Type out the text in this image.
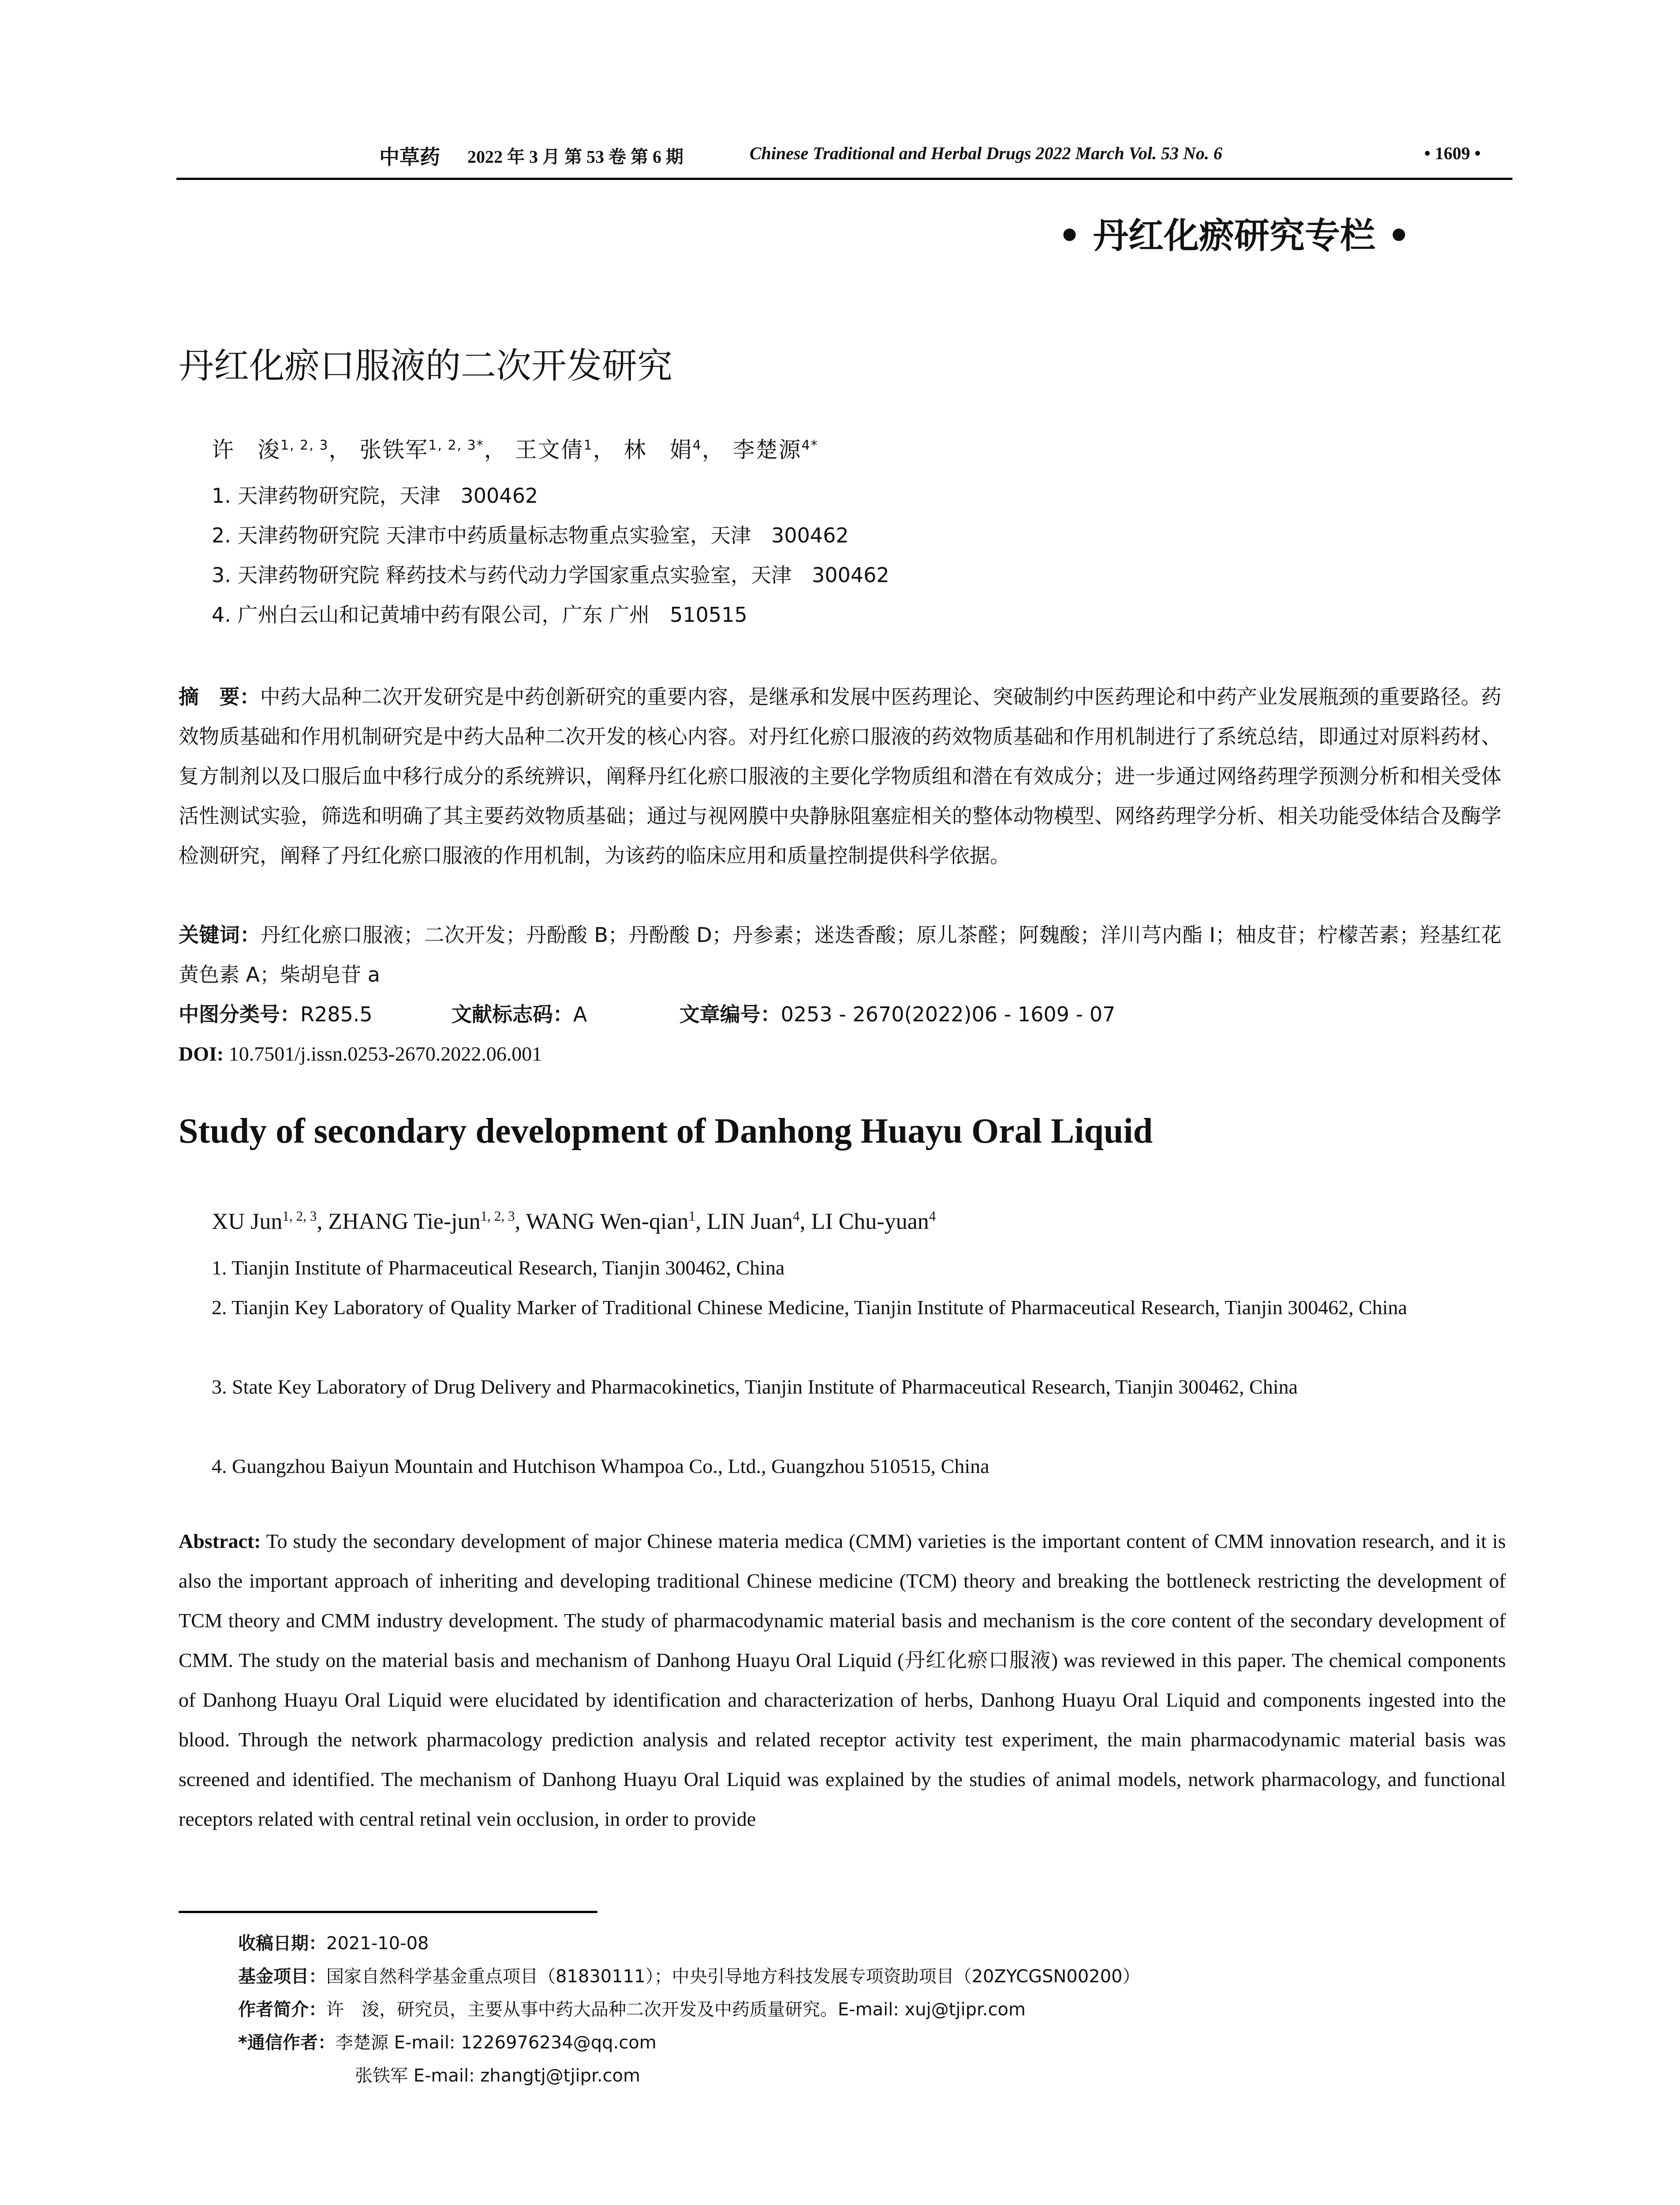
中草药 2022 年 3 月 第 53 卷 第 6 期	Chinese Traditional and Herbal Drugs 2022 March Vol. 53 No. 6	• 1609 •
• 丹红化瘀研究专栏 •
丹红化瘀口服液的二次开发研究
许　浚$^{1, 2, 3}$， 张铁军$^{1, 2, 3*}$， 王文倩$^1$， 林　娟$^4$， 李楚源$^{4*}$
1. 天津药物研究院，天津　300462
2. 天津药物研究院 天津市中药质量标志物重点实验室，天津　300462
3. 天津药物研究院 释药技术与药代动力学国家重点实验室，天津　300462
4. 广州白云山和记黄埔中药有限公司，广东 广州　510515
摘　要：中药大品种二次开发研究是中药创新研究的重要内容，是继承和发展中医药理论、突破制约中医药理论和中药产业发展瓶颈的重要路径。药效物质基础和作用机制研究是中药大品种二次开发的核心内容。对丹红化瘀口服液的药效物质基础和作用机制进行了系统总结，即通过对原料药材、复方制剂以及口服后血中移行成分的系统辨识，阐释丹红化瘀口服液的主要化学物质组和潜在有效成分；进一步通过网络药理学预测分析和相关受体活性测试实验，筛选和明确了其主要药效物质基础；通过与视网膜中央静脉阻塞症相关的整体动物模型、网络药理学分析、相关功能受体结合及酶学检测研究，阐释了丹红化瘀口服液的作用机制，为该药的临床应用和质量控制提供科学依据。
关键词：丹红化瘀口服液；二次开发；丹酚酸 B；丹酚酸 D；丹参素；迷迭香酸；原儿茶醛；阿魏酸；洋川芎内酯 I；柚皮苷；柠檬苦素；羟基红花黄色素 A；柴胡皂苷 a
中图分类号：R285.5	文献标志码：A	文章编号：0253 - 2670(2022)06 - 1609 - 07
DOI: 10.7501/j.issn.0253-2670.2022.06.001
Study of secondary development of Danhong Huayu Oral Liquid
XU Jun$^{1, 2, 3}$, ZHANG Tie-jun$^{1, 2, 3}$, WANG Wen-qian$^1$, LIN Juan$^4$, LI Chu-yuan$^4$
1. Tianjin Institute of Pharmaceutical Research, Tianjin 300462, China
2. Tianjin Key Laboratory of Quality Marker of Traditional Chinese Medicine, Tianjin Institute of Pharmaceutical Research, Tianjin 300462, China
3. State Key Laboratory of Drug Delivery and Pharmacokinetics, Tianjin Institute of Pharmaceutical Research, Tianjin 300462, China
4. Guangzhou Baiyun Mountain and Hutchison Whampoa Co., Ltd., Guangzhou 510515, China
Abstract: To study the secondary development of major Chinese materia medica (CMM) varieties is the important content of CMM innovation research, and it is also the important approach of inheriting and developing traditional Chinese medicine (TCM) theory and breaking the bottleneck restricting the development of TCM theory and CMM industry development. The study of pharmacodynamic material basis and mechanism is the core content of the secondary development of CMM. The study on the material basis and mechanism of Danhong Huayu Oral Liquid (丹红化瘀口服液) was reviewed in this paper. The chemical components of Danhong Huayu Oral Liquid were elucidated by identification and characterization of herbs, Danhong Huayu Oral Liquid and components ingested into the blood. Through the network pharmacology prediction analysis and related receptor activity test experiment, the main pharmacodynamic material basis was screened and identified. The mechanism of Danhong Huayu Oral Liquid was explained by the studies of animal models, network pharmacology, and functional receptors related with central retinal vein occlusion, in order to provide
收稿日期：2021-10-08
基金项目：国家自然科学基金重点项目（81830111）；中央引导地方科技发展专项资助项目（20ZYCGSN00200）
作者简介：许　浚，研究员，主要从事中药大品种二次开发及中药质量研究。E-mail: xuj@tjipr.com
*通信作者：李楚源 E-mail: 1226976234@qq.com
张铁军 E-mail: zhangtj@tjipr.com
